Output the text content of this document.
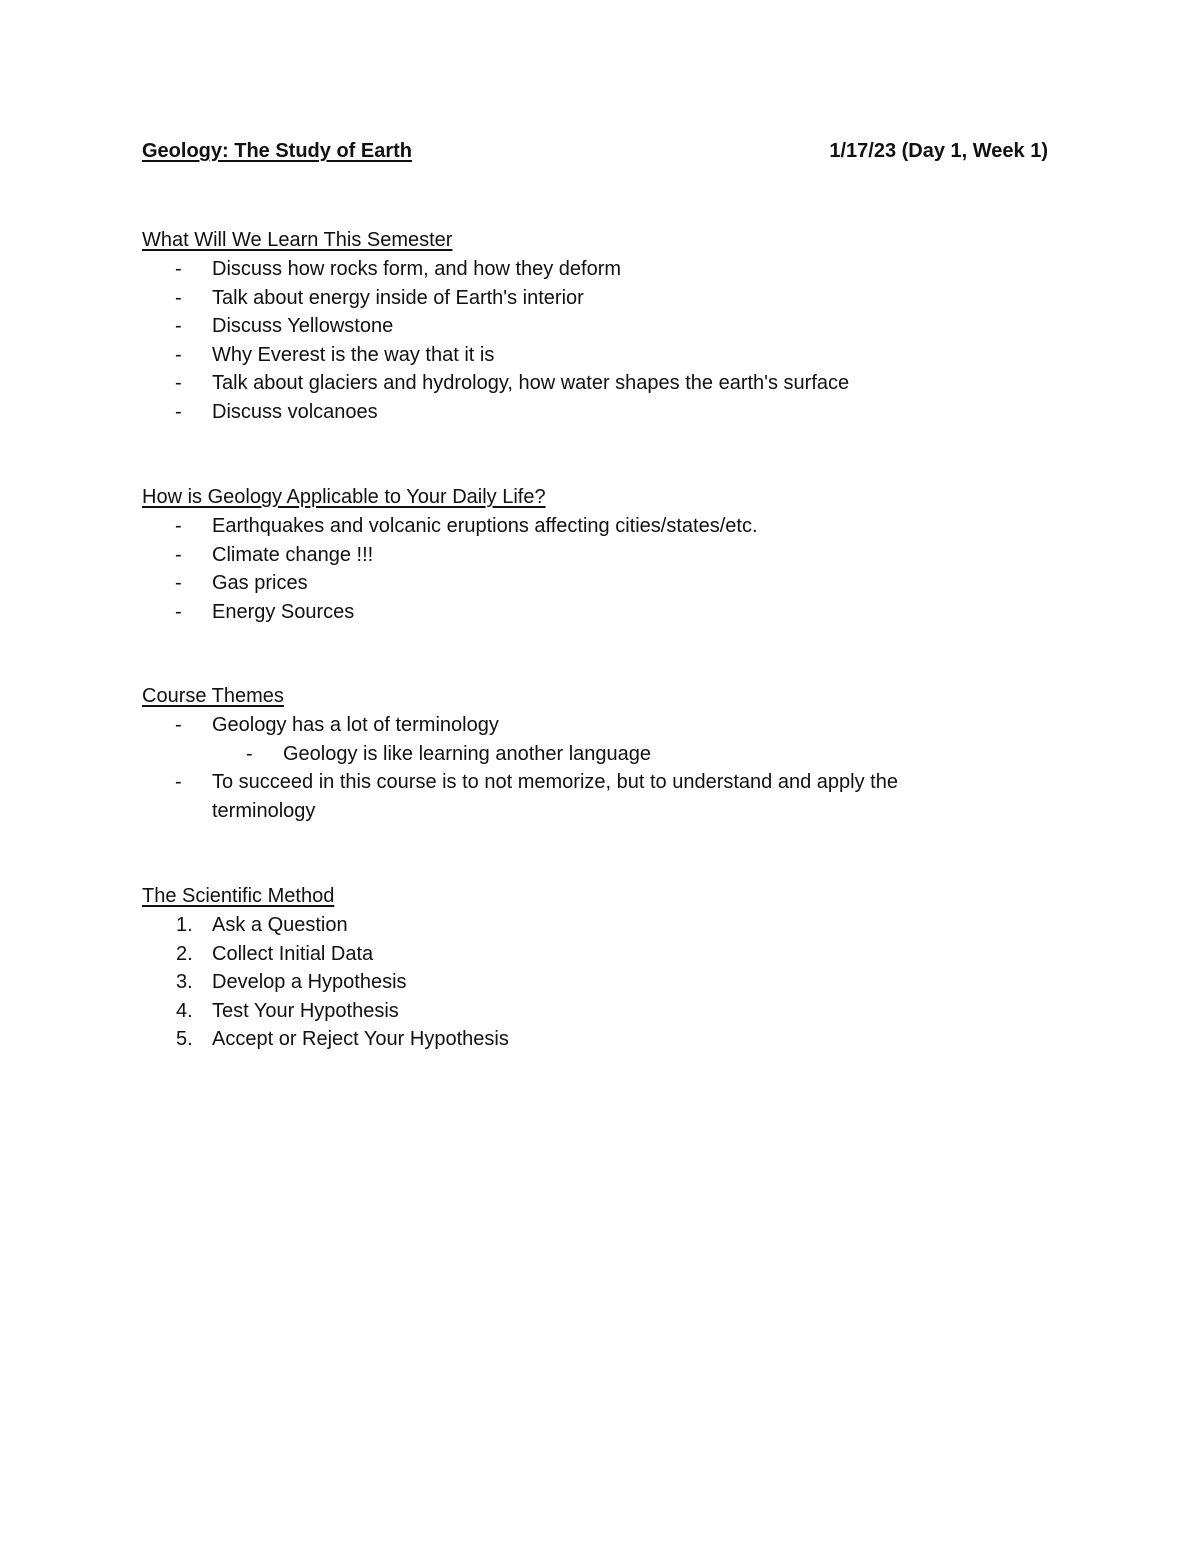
Geology: The Study of Earth	1/17/23 (Day 1, Week 1)
What Will We Learn This Semester
- Discuss how rocks form, and how they deform
- Talk about energy inside of Earth's interior
- Discuss Yellowstone
- Why Everest is the way that it is
- Talk about glaciers and hydrology, how water shapes the earth's surface
- Discuss volcanoes
How is Geology Applicable to Your Daily Life?
- Earthquakes and volcanic eruptions affecting cities/states/etc.
- Climate change !!!
- Gas prices
- Energy Sources
Course Themes
- Geology has a lot of terminology
- Geology is like learning another language
- To succeed in this course is to not memorize, but to understand and apply the terminology
The Scientific Method
1. Ask a Question
2. Collect Initial Data
3. Develop a Hypothesis
4. Test Your Hypothesis
5. Accept or Reject Your Hypothesis
